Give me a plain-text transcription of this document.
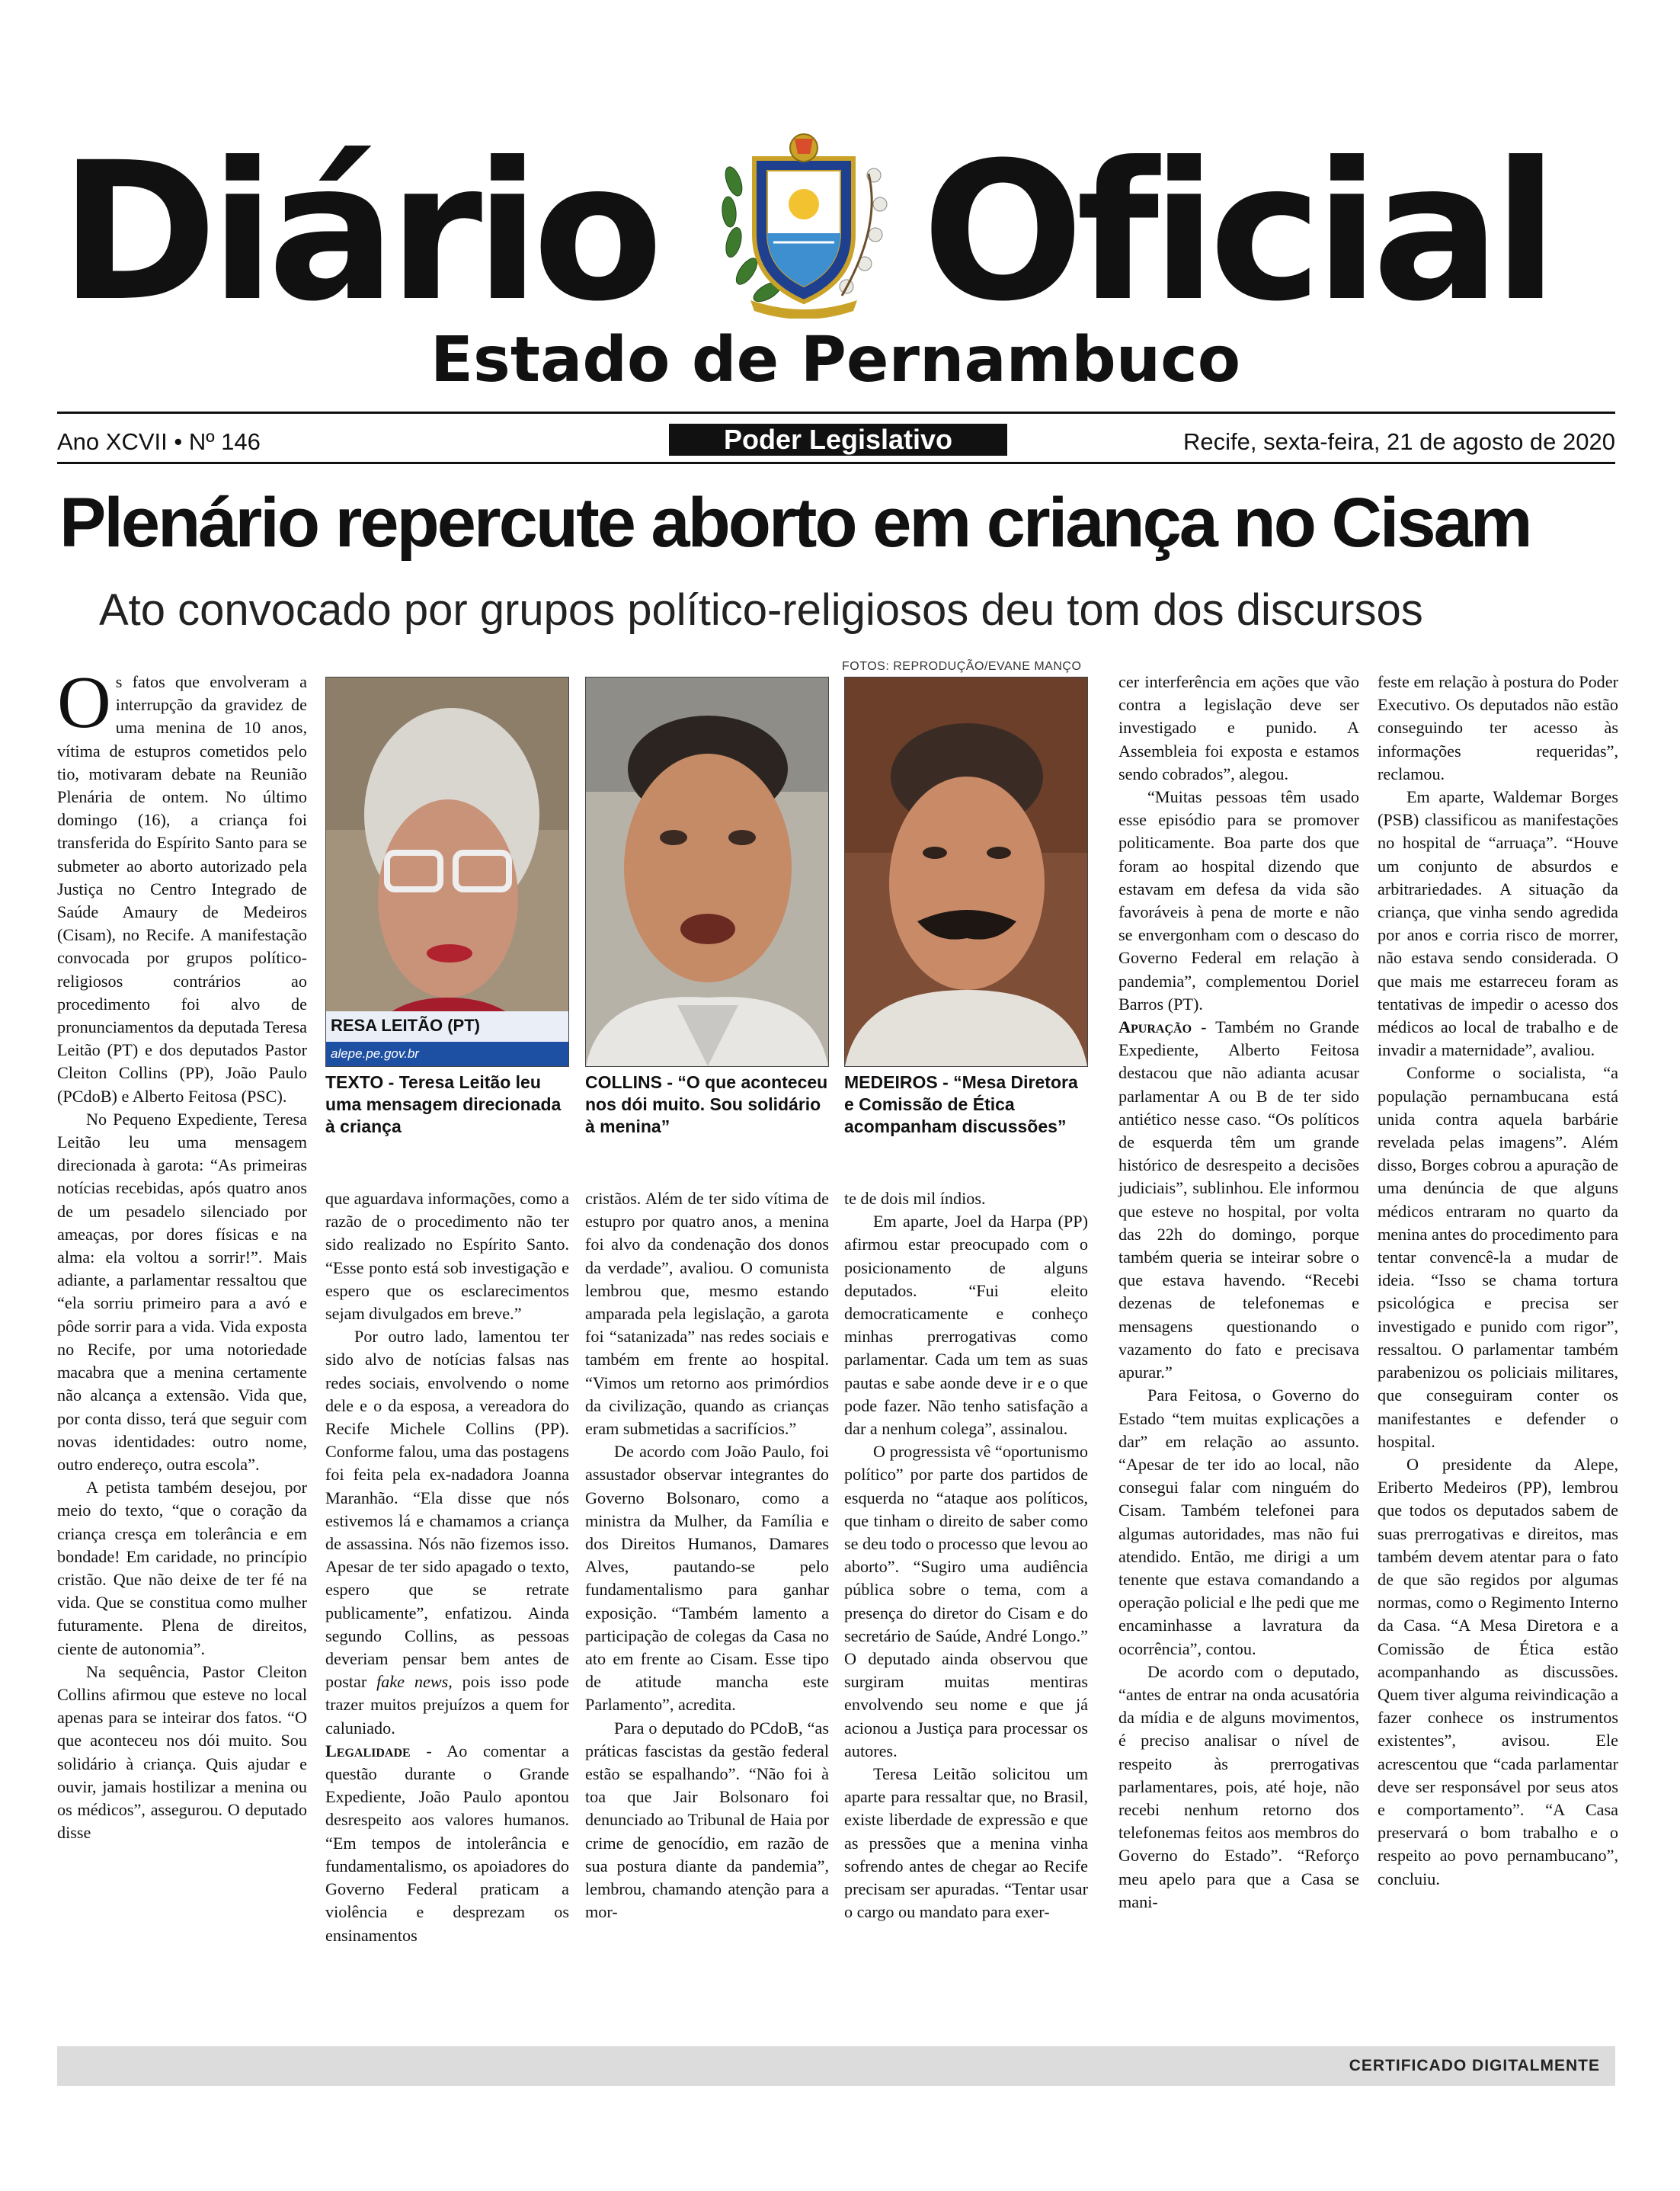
Diário Oficial
Estado de Pernambuco
Ano XCVII • Nº 146	Poder Legislativo	Recife, sexta-feira, 21 de agosto de 2020
Plenário repercute aborto em criança no Cisam
Ato convocado por grupos político-religiosos deu tom dos discursos
FOTOS: REPRODUÇÃO/EVANE MANÇO
RESA LEITÃO (PT)
alepe.pe.gov.br
TEXTO - Teresa Leitão leu uma mensagem direcionada à criança
COLLINS - “O que aconteceu nos dói muito. Sou solidário à menina”
MEDEIROS - “Mesa Diretora e Comissão de Ética acompanham discussões”

Os fatos que envolveram a interrupção da gravidez de uma menina de 10 anos, vítima de estupros cometidos pelo tio, motivaram debate na Reunião Plenária de ontem. No último domingo (16), a criança foi transferida do Espírito Santo para se submeter ao aborto autorizado pela Justiça no Centro Integrado de Saúde Amaury de Medeiros (Cisam), no Recife. A manifestação convocada por grupos político-religiosos contrários ao procedimento foi alvo de pronunciamentos da deputada Teresa Leitão (PT) e dos deputados Pastor Cleiton Collins (PP), João Paulo (PCdoB) e Alberto Feitosa (PSC).

No Pequeno Expediente, Teresa Leitão leu uma mensagem direcionada à garota: “As primeiras notícias recebidas, após quatro anos de um pesadelo silenciado por ameaças, por dores físicas e na alma: ela voltou a sorrir!”. Mais adiante, a parlamentar ressaltou que “ela sorriu primeiro para a avó e pôde sorrir para a vida. Vida exposta no Recife, por uma notoriedade macabra que a menina certamente não alcança a extensão. Vida que, por conta disso, terá que seguir com novas identidades: outro nome, outro endereço, outra escola”.

A petista também desejou, por meio do texto, “que o coração da criança cresça em tolerância e em bondade! Em caridade, no princípio cristão. Que não deixe de ter fé na vida. Que se constitua como mulher futuramente. Plena de direitos, ciente de autonomia”.

Na sequência, Pastor Cleiton Collins afirmou que esteve no local apenas para se inteirar dos fatos. “O que aconteceu nos dói muito. Sou solidário à criança. Quis ajudar e ouvir, jamais hostilizar a menina ou os médicos”, assegurou. O deputado disse

que aguardava informações, como a razão de o procedimento não ter sido realizado no Espírito Santo. “Esse ponto está sob investigação e espero que os esclarecimentos sejam divulgados em breve.”

Por outro lado, lamentou ter sido alvo de notícias falsas nas redes sociais, envolvendo o nome dele e o da esposa, a vereadora do Recife Michele Collins (PP). Conforme falou, uma das postagens foi feita pela ex-nadadora Joanna Maranhão. “Ela disse que nós estivemos lá e chamamos a criança de assassina. Nós não fizemos isso. Apesar de ter sido apagado o texto, espero que se retrate publicamente”, enfatizou. Ainda segundo Collins, as pessoas deveriam pensar bem antes de postar fake news, pois isso pode trazer muitos prejuízos a quem for caluniado.

Legalidade - Ao comentar a questão durante o Grande Expediente, João Paulo apontou desrespeito aos valores humanos. “Em tempos de intolerância e fundamentalismo, os apoiadores do Governo Federal praticam a violência e desprezam os ensinamentos

cristãos. Além de ter sido vítima de estupro por quatro anos, a menina foi alvo da condenação dos donos da verdade”, avaliou. O comunista lembrou que, mesmo estando amparada pela legislação, a garota foi “satanizada” nas redes sociais e também em frente ao hospital. “Vimos um retorno aos primórdios da civilização, quando as crianças eram submetidas a sacrifícios.”

De acordo com João Paulo, foi assustador observar integrantes do Governo Bolsonaro, como a ministra da Mulher, da Família e dos Direitos Humanos, Damares Alves, pautando-se pelo fundamentalismo para ganhar exposição. “Também lamento a participação de colegas da Casa no ato em frente ao Cisam. Esse tipo de atitude mancha este Parlamento”, acredita.

Para o deputado do PCdoB, “as práticas fascistas da gestão federal estão se espalhando”. “Não foi à toa que Jair Bolsonaro foi denunciado ao Tribunal de Haia por crime de genocídio, em razão de sua postura diante da pandemia”, lembrou, chamando atenção para a mor-

te de dois mil índios.

Em aparte, Joel da Harpa (PP) afirmou estar preocupado com o posicionamento de alguns deputados. “Fui eleito democraticamente e conheço minhas prerrogativas como parlamentar. Cada um tem as suas pautas e sabe aonde deve ir e o que pode fazer. Não tenho satisfação a dar a nenhum colega”, assinalou.

O progressista vê “oportunismo político” por parte dos partidos de esquerda no “ataque aos políticos, que tinham o direito de saber como se deu todo o processo que levou ao aborto”. “Sugiro uma audiência pública sobre o tema, com a presença do diretor do Cisam e do secretário de Saúde, André Longo.” O deputado ainda observou que surgiram muitas mentiras envolvendo seu nome e que já acionou a Justiça para processar os autores.

Teresa Leitão solicitou um aparte para ressaltar que, no Brasil, existe liberdade de expressão e que as pressões que a menina vinha sofrendo antes de chegar ao Recife precisam ser apuradas. “Tentar usar o cargo ou mandato para exer-

cer interferência em ações que vão contra a legislação deve ser investigado e punido. A Assembleia foi exposta e estamos sendo cobrados”, alegou.

“Muitas pessoas têm usado esse episódio para se promover politicamente. Boa parte dos que foram ao hospital dizendo que estavam em defesa da vida são favoráveis à pena de morte e não se envergonham com o descaso do Governo Federal em relação à pandemia”, complementou Doriel Barros (PT).

Apuração - Também no Grande Expediente, Alberto Feitosa destacou que não adianta acusar parlamentar A ou B de ter sido antiético nesse caso. “Os políticos de esquerda têm um grande histórico de desrespeito a decisões judiciais”, sublinhou. Ele informou que esteve no hospital, por volta das 22h do domingo, porque também queria se inteirar sobre o que estava havendo. “Recebi dezenas de telefonemas e mensagens questionando o vazamento do fato e precisava apurar.”

Para Feitosa, o Governo do Estado “tem muitas explicações a dar” em relação ao assunto. “Apesar de ter ido ao local, não consegui falar com ninguém do Cisam. Também telefonei para algumas autoridades, mas não fui atendido. Então, me dirigi a um tenente que estava comandando a operação policial e lhe pedi que me encaminhasse a lavratura da ocorrência”, contou.

De acordo com o deputado, “antes de entrar na onda acusatória da mídia e de alguns movimentos, é preciso analisar o nível de respeito às prerrogativas parlamentares, pois, até hoje, não recebi nenhum retorno dos telefonemas feitos aos membros do Governo do Estado”. “Reforço meu apelo para que a Casa se mani-

feste em relação à postura do Poder Executivo. Os deputados não estão conseguindo ter acesso às informações requeridas”, reclamou.

Em aparte, Waldemar Borges (PSB) classificou as manifestações no hospital de “arruaça”. “Houve um conjunto de absurdos e arbitrariedades. A situação da criança, que vinha sendo agredida por anos e corria risco de morrer, não estava sendo considerada. O que mais me estarreceu foram as tentativas de impedir o acesso dos médicos ao local de trabalho e de invadir a maternidade”, avaliou.

Conforme o socialista, “a população pernambucana está unida contra aquela barbárie revelada pelas imagens”. Além disso, Borges cobrou a apuração de uma denúncia de que alguns médicos entraram no quarto da menina antes do procedimento para tentar convencê-la a mudar de ideia. “Isso se chama tortura psicológica e precisa ser investigado e punido com rigor”, ressaltou. O parlamentar também parabenizou os policiais militares, que conseguiram conter os manifestantes e defender o hospital.

O presidente da Alepe, Eriberto Medeiros (PP), lembrou que todos os deputados sabem de suas prerrogativas e direitos, mas também devem atentar para o fato de que são regidos por algumas normas, como o Regimento Interno da Casa. “A Mesa Diretora e a Comissão de Ética estão acompanhando as discussões. Quem tiver alguma reivindicação a fazer conhece os instrumentos existentes”, avisou. Ele acrescentou que “cada parlamentar deve ser responsável por seus atos e comportamento”. “A Casa preservará o bom trabalho e o respeito ao povo pernambucano”, concluiu.

CERTIFICADO DIGITALMENTE
